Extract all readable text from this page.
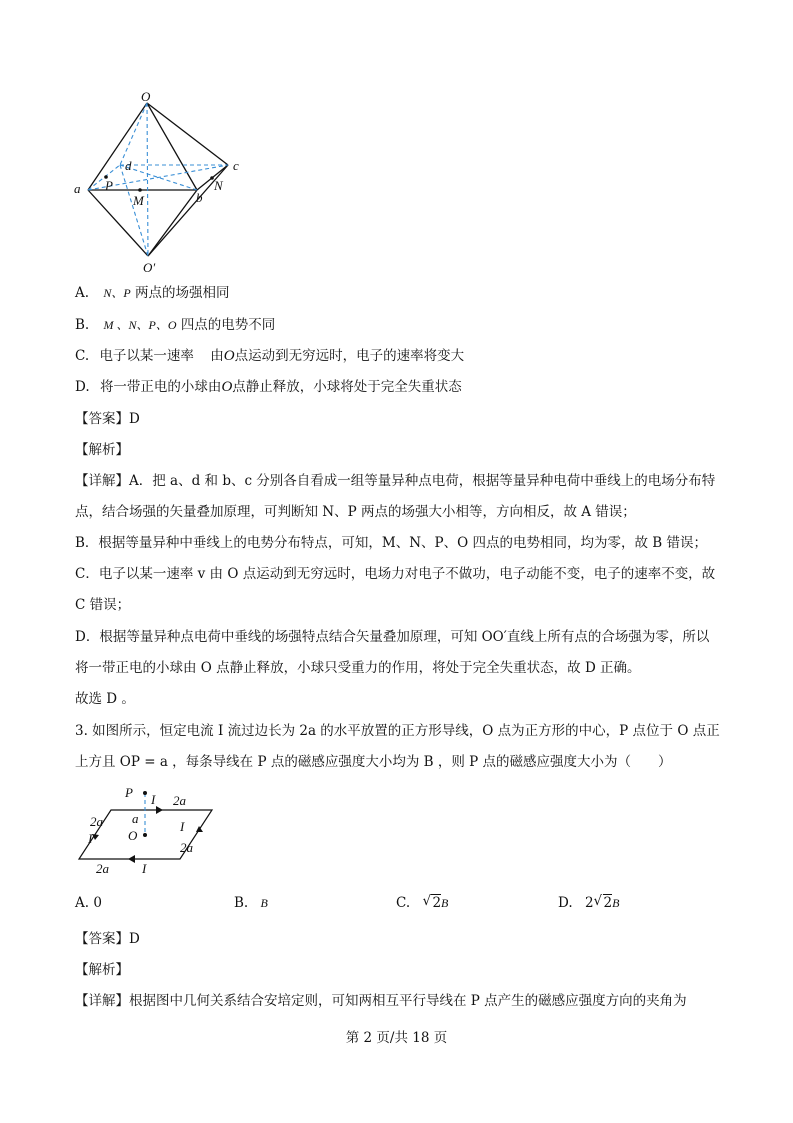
O
O′
a
b
c
d
P
M
N
A. N、P 两点的场强相同
B. M 、N、P、O 四点的电势不同
C. 电子以某一速率 由O点运动到无穷远时，电子的速率将变大
D. 将一带正电的小球由O点静止释放，小球将处于完全失重状态
【答案】D
【解析】
【详解】A．把 a、d 和 b、c 分别各自看成一组等量异种点电荷，根据等量异种电荷中垂线上的电场分布特
点，结合场强的矢量叠加原理，可判断知 N、P 两点的场强大小相等，方向相反，故 A 错误；
B．根据等量异种中垂线上的电势分布特点，可知，M、N、P、O 四点的电势相同，均为零，故 B 错误；
C．电子以某一速率 v 由 O 点运动到无穷远时，电场力对电子不做功，电子动能不变，电子的速率不变，故
C 错误；
D．根据等量异种点电荷中垂线的场强特点结合矢量叠加原理，可知 OO′直线上所有点的合场强为零，所以
将一带正电的小球由 O 点静止释放，小球只受重力的作用，将处于完全失重状态，故 D 正确。
故选 D 。
3. 如图所示，恒定电流 I 流过边长为 2a 的水平放置的正方形导线，O 点为正方形的中心，P 点位于 O 点正
上方且 OP = a ，每条导线在 P 点的磁感应强度大小均为 B ，则 P 点的磁感应强度大小为（　　）
P I 2a
2a
I
a
O
I
2a
2a	I
A. 0	B. B	C. √ 2B	D. 2 √ 2B
【答案】D
【解析】
【详解】根据图中几何关系结合安培定则，可知两相互平行导线在 P 点产生的磁感应强度方向的夹角为
第 2 页/共 18 页
